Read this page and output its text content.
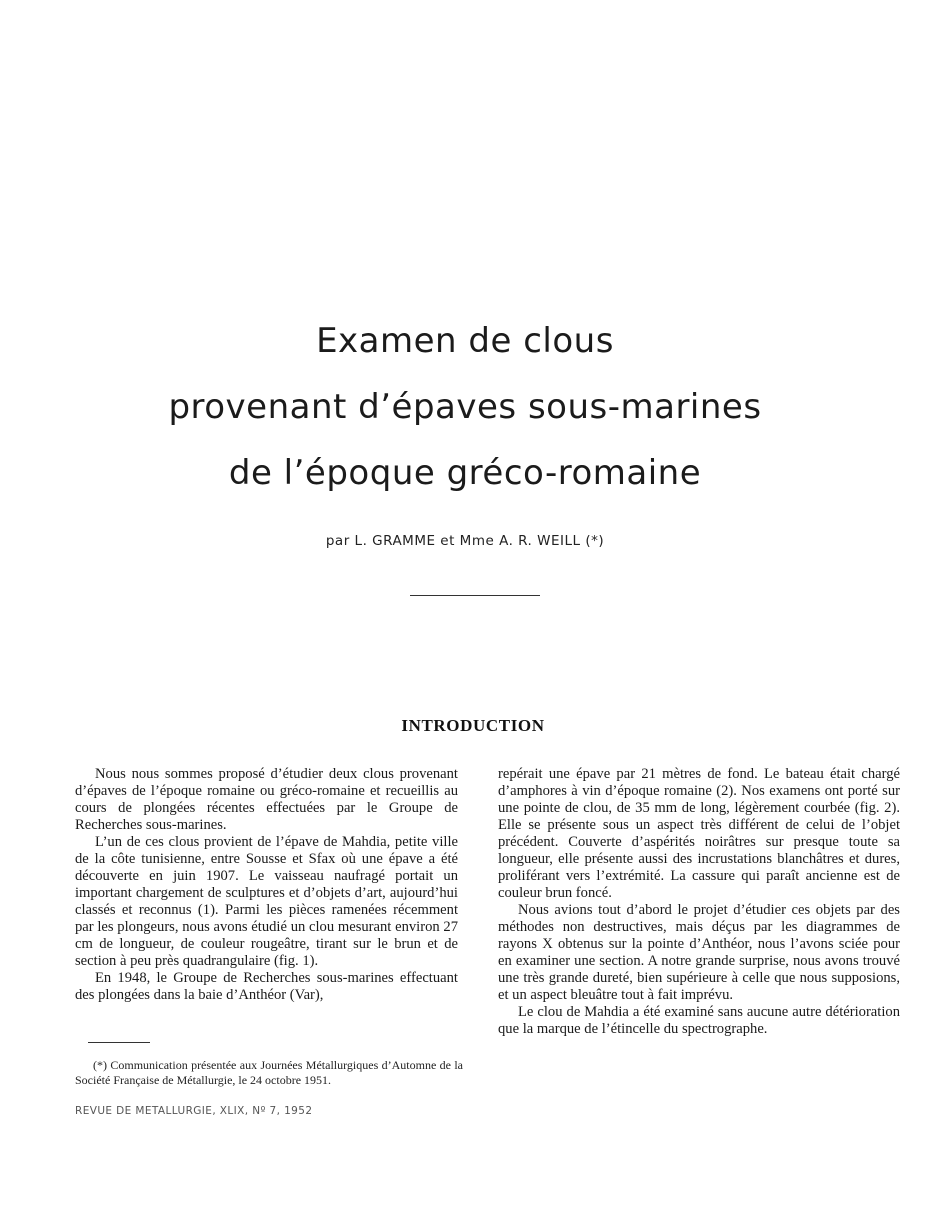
Examen de clous
provenant d’épaves sous-marines
de l’époque gréco-romaine
par L. GRAMME et Mme A. R. WEILL (*)
INTRODUCTION

Nous nous sommes proposé d’étudier deux clous provenant d’épaves de l’époque romaine ou gréco-romaine et recueillis au cours de plongées récentes effectuées par le Groupe de Recherches sous-marines.

L’un de ces clous provient de l’épave de Mahdia, petite ville de la côte tunisienne, entre Sousse et Sfax où une épave a été découverte en juin 1907. Le vaisseau naufragé portait un important chargement de sculptures et d’objets d’art, aujourd’hui classés et reconnus (1). Parmi les pièces ramenées récemment par les plongeurs, nous avons étudié un clou mesurant environ 27 cm de longueur, de couleur rougeâtre, tirant sur le brun et de section à peu près quadrangulaire (fig. 1).

En 1948, le Groupe de Recherches sous-marines effectuant des plongées dans la baie d’Anthéor (Var),

repérait une épave par 21 mètres de fond. Le bateau était chargé d’amphores à vin d’époque romaine (2). Nos examens ont porté sur une pointe de clou, de 35 mm de long, légèrement courbée (fig. 2). Elle se présente sous un aspect très différent de celui de l’objet précédent. Couverte d’aspérités noirâtres sur presque toute sa longueur, elle présente aussi des incrustations blanchâtres et dures, proliférant vers l’extrémité. La cassure qui paraît ancienne est de couleur brun foncé.

Nous avions tout d’abord le projet d’étudier ces objets par des méthodes non destructives, mais déçus par les diagrammes de rayons X obtenus sur la pointe d’Anthéor, nous l’avons sciée pour en examiner une section. A notre grande surprise, nous avons trouvé une très grande dureté, bien supérieure à celle que nous supposions, et un aspect bleuâtre tout à fait imprévu.

Le clou de Mahdia a été examiné sans aucune autre détérioration que la marque de l’étincelle du spectrographe.

(*) Communication présentée aux Journées Métallurgiques d’Automne de la Société Française de Métallurgie, le 24 octobre 1951.
REVUE DE METALLURGIE, XLIX, Nº 7, 1952
